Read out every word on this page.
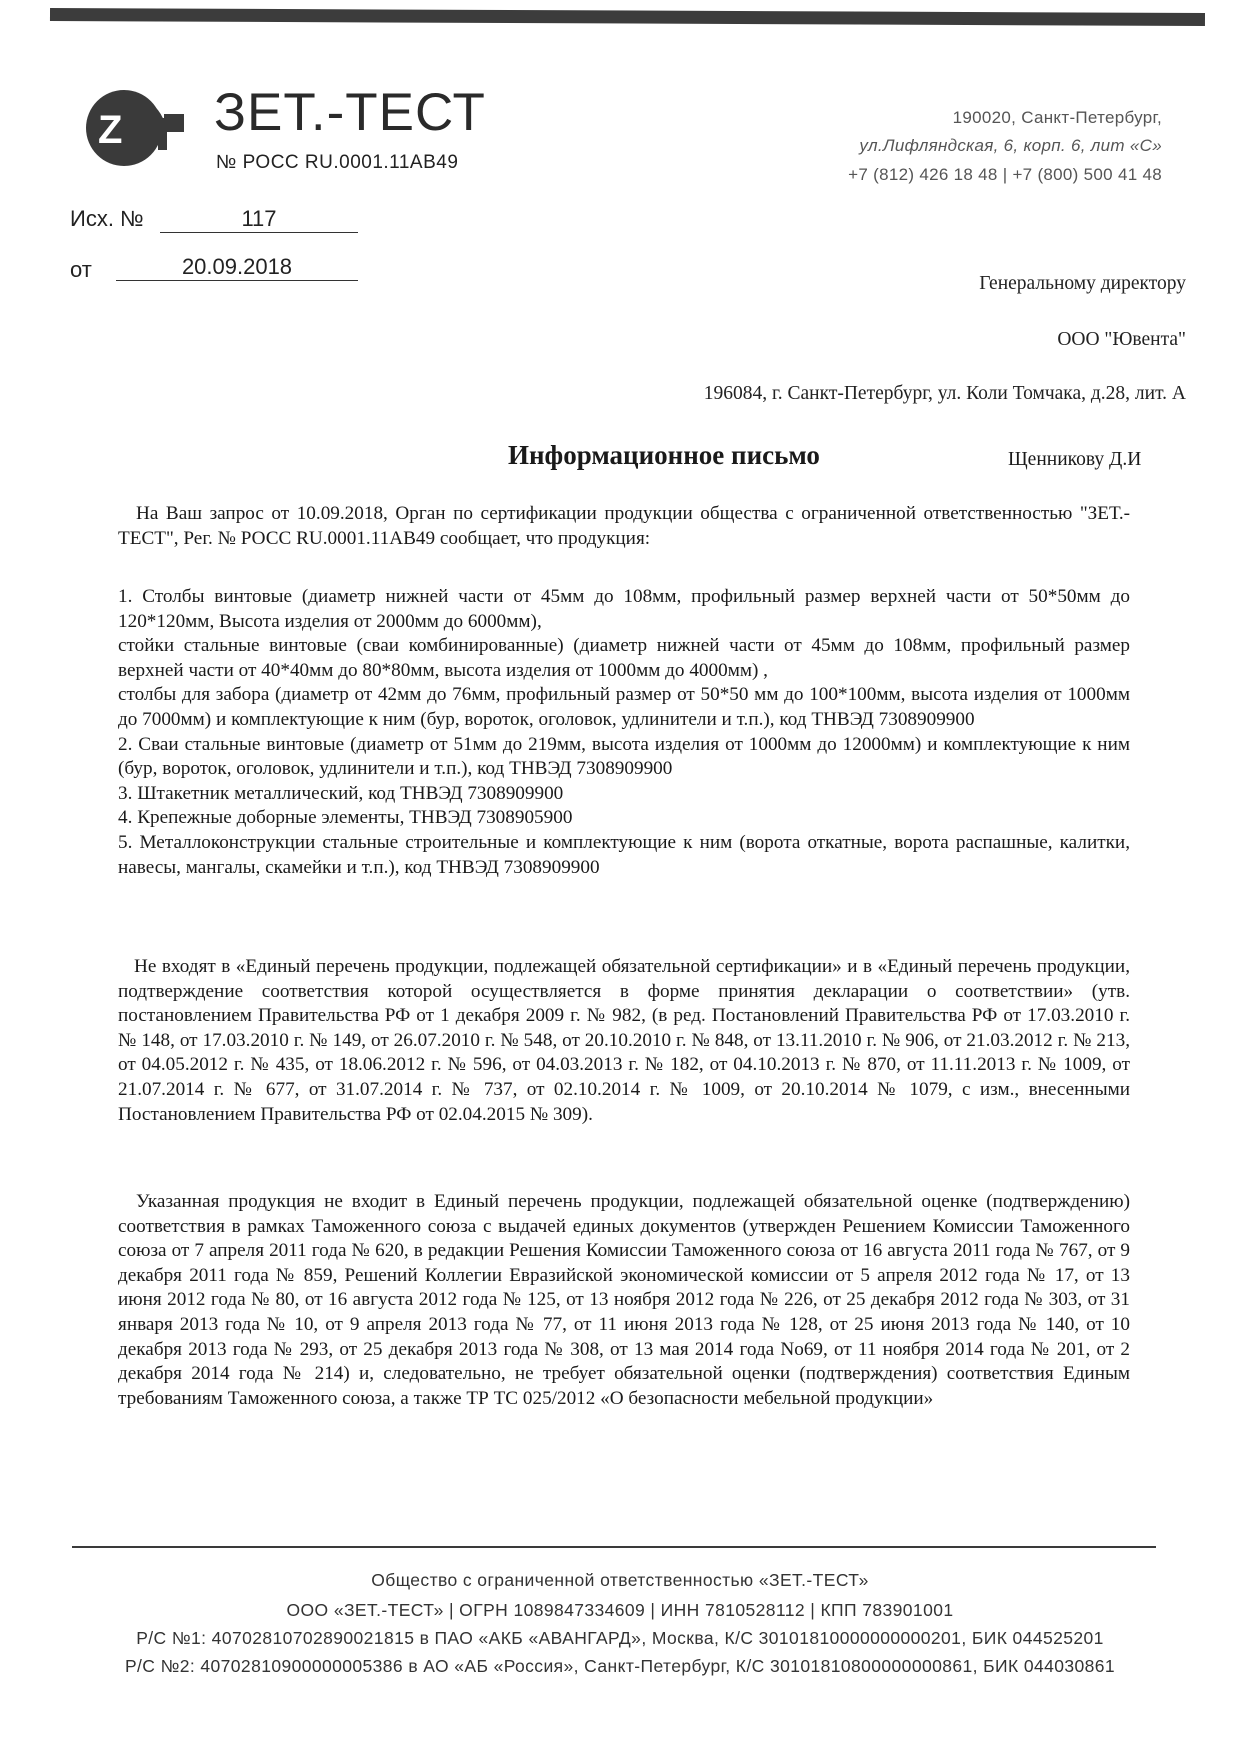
Z ЗЕТ.-ТЕСТ
№ РОСС RU.0001.11АВ49
190020, Санкт-Петербург,
ул.Лифляндская, 6, корп. 6, лит «С»
+7 (812) 426 18 48 | +7 (800) 500 41 48
Исх. №	117
от	20.09.2018
Генеральному директору
ООО "Ювента"
196084, г. Санкт-Петербург, ул. Коли Томчака, д.28, лит. А
Информационное письмо	Щенникову Д.И
На Ваш запрос от 10.09.2018, Орган по сертификации продукции общества с ограниченной ответственностью "ЗЕТ.-ТЕСТ", Рег. № РОСС RU.0001.11АВ49 сообщает, что продукция:
1. Столбы винтовые (диаметр нижней части от 45мм до 108мм, профильный размер верхней части от 50*50мм до 120*120мм, Высота изделия от 2000мм до 6000мм),
стойки стальные винтовые (сваи комбинированные) (диаметр нижней части от 45мм до 108мм, профильный размер верхней части от 40*40мм до 80*80мм, высота изделия от 1000мм до 4000мм) ,
столбы для забора (диаметр от 42мм до 76мм, профильный размер от 50*50 мм до 100*100мм, высота изделия от 1000мм до 7000мм) и комплектующие к ним (бур, вороток, оголовок, удлинители и т.п.), код ТНВЭД 7308909900
2. Сваи стальные винтовые (диаметр от 51мм до 219мм, высота изделия от 1000мм до 12000мм) и комплектующие к ним (бур, вороток, оголовок, удлинители и т.п.), код ТНВЭД 7308909900
3. Штакетник металлический, код ТНВЭД 7308909900
4. Крепежные доборные элементы, ТНВЭД 7308905900
5. Металлоконструкции стальные строительные и комплектующие к ним (ворота откатные, ворота распашные, калитки, навесы, мангалы, скамейки и т.п.), код ТНВЭД 7308909900
Не входят в «Единый перечень продукции, подлежащей обязательной сертификации» и в «Единый перечень продукции, подтверждение соответствия которой осуществляется в форме принятия декларации о соответствии» (утв. постановлением Правительства РФ от 1 декабря 2009 г. № 982, (в ред. Постановлений Правительства РФ от 17.03.2010 г. № 148, от 17.03.2010 г. № 149, от 26.07.2010 г. № 548, от 20.10.2010 г. № 848, от 13.11.2010 г. № 906, от 21.03.2012 г. № 213, от 04.05.2012 г. № 435, от 18.06.2012 г. № 596, от 04.03.2013 г. № 182, от 04.10.2013 г. № 870, от 11.11.2013 г. № 1009, от 21.07.2014 г. № 677, от 31.07.2014 г. № 737, от 02.10.2014 г. № 1009, от 20.10.2014 № 1079, с изм., внесенными Постановлением Правительства РФ от 02.04.2015 № 309).
Указанная продукция не входит в Единый перечень продукции, подлежащей обязательной оценке (подтверждению) соответствия в рамках Таможенного союза с выдачей единых документов (утвержден Решением Комиссии Таможенного союза от 7 апреля 2011 года № 620, в редакции Решения Комиссии Таможенного союза от 16 августа 2011 года № 767, от 9 декабря 2011 года № 859, Решений Коллегии Евразийской экономической комиссии от 5 апреля 2012 года № 17, от 13 июня 2012 года № 80, от 16 августа 2012 года № 125, от 13 ноября 2012 года № 226, от 25 декабря 2012 года № 303, от 31 января 2013 года № 10, от 9 апреля 2013 года № 77, от 11 июня 2013 года № 128, от 25 июня 2013 года № 140, от 10 декабря 2013 года № 293, от 25 декабря 2013 года № 308, от 13 мая 2014 года No69, от 11 ноября 2014 года № 201, от 2 декабря 2014 года № 214) и, следовательно, не требует обязательной оценки (подтверждения) соответствия Единым требованиям Таможенного союза, а также ТР ТС 025/2012 «О безопасности мебельной продукции»
Общество с ограниченной ответственностью «ЗЕТ.-ТЕСТ»
ООО «ЗЕТ.-ТЕСТ» | ОГРН 1089847334609 | ИНН 7810528112 | КПП 783901001
Р/С №1: 40702810702890021815 в ПАО «АКБ «АВАНГАРД», Москва, К/С 30101810000000000201, БИК 044525201
Р/С №2: 40702810900000005386 в АО «АБ «Россия», Санкт-Петербург, К/С 30101810800000000861, БИК 044030861
